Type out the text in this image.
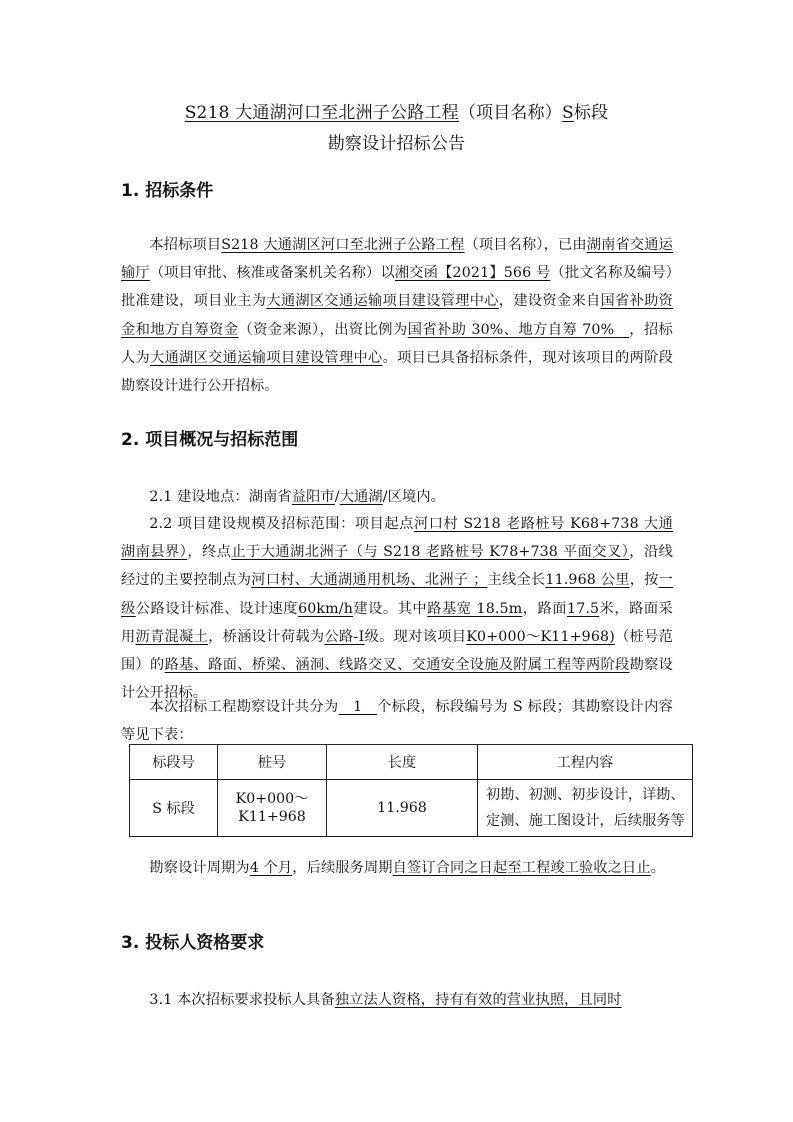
S218 大通湖河口至北洲子公路工程（项目名称）S标段
勘察设计招标公告
1. 招标条件

本招标项目S218 大通湖区河口至北洲子公路工程（项目名称），已由湖南省交通运输厅（项目审批、核准或备案机关名称）以湘交函【2021】566 号（批文名称及编号）批准建设，项目业主为大通湖区交通运输项目建设管理中心，建设资金来自国省补助资金和地方自筹资金（资金来源），出资比例为国省补助 30%、地方自筹 70%　，招标人为大通湖区交通运输项目建设管理中心。项目已具备招标条件，现对该项目的两阶段勘察设计进行公开招标。

2. 项目概况与招标范围

2.1 建设地点：湖南省益阳市/大通湖/区境内。

2.2 项目建设规模及招标范围：项目起点河口村 S218 老路桩号 K68+738 大通湖南县界），终点止于大通湖北洲子（与 S218 老路桩号 K78+738 平面交叉），沿线经过的主要控制点为河口村、大通湖通用机场、北洲子 ；主线全长11.968 公里，按一级公路设计标准、设计速度60km/h建设。其中路基宽 18.5m，路面17.5米，路面采用沥青混凝土，桥涵设计荷载为公路-Ⅰ级。现对该项目K0+000～K11+968)（桩号范围）的路基、路面、桥梁、涵洞、线路交叉、交通安全设施及附属工程等两阶段勘察设计公开招标。

本次招标工程勘察设计共分为　1　个标段，标段编号为 S 标段；其勘察设计内容等见下表：

标段号	桩号	长度	工程内容
S 标段	K0+000～
K11+968	11.968	初勘、初测、初步设计，详勘、定测、施工图设计，后续服务等

勘察设计周期为4 个月，后续服务周期自签订合同之日起至工程竣工验收之日止。

3. 投标人资格要求

3.1 本次招标要求投标人具备独立法人资格，持有有效的营业执照，且同时
